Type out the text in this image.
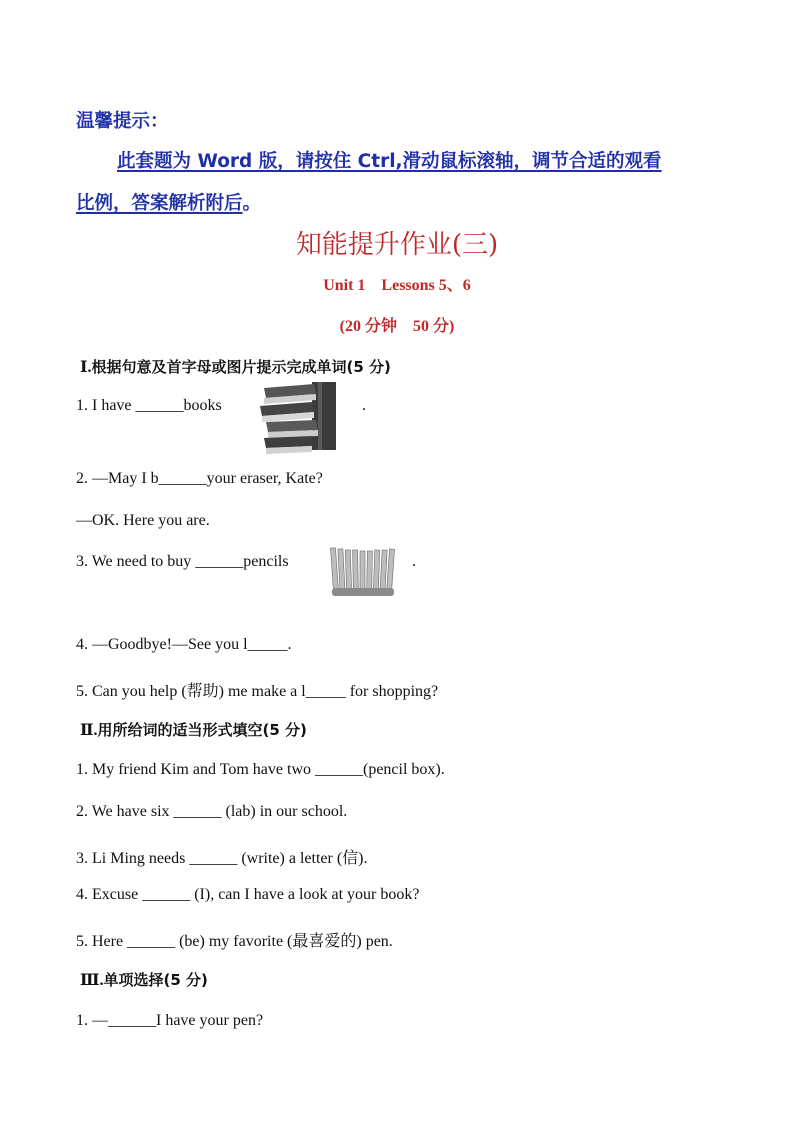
温馨提示：
此套题为 Word 版，请按住 Ctrl,滑动鼠标滚轴，调节合适的观看
比例，答案解析附后。
知能提升作业(三)
Unit 1    Lessons 5、6
(20 分钟    50 分)
Ⅰ.根据句意及首字母或图片提示完成单词(5 分)
1. I have ______books	.
2. —May I b______your eraser, Kate?
—OK. Here you are.
3. We need to buy ______pencils	.
4. —Goodbye!—See you l_____.
5. Can you help (帮助) me make a l_____ for shopping?
Ⅱ.用所给词的适当形式填空(5 分)
1. My friend Kim and Tom have two ______(pencil box).
2. We have six ______ (lab) in our school.
3. Li Ming needs ______ (write) a letter (信).
4. Excuse ______ (I), can I have a look at your book?
5. Here ______ (be) my favorite (最喜爱的) pen.
Ⅲ.单项选择(5 分)
1. —______I have your pen?
